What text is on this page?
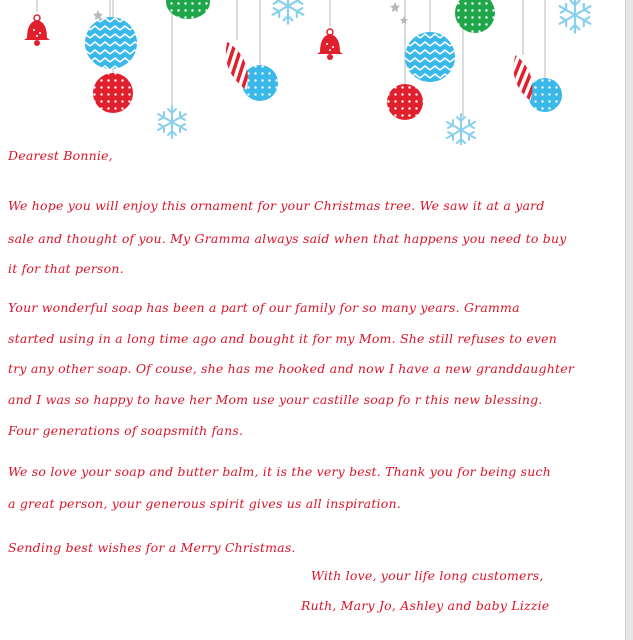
Dearest Bonnie,
We hope you will enjoy this ornament for your Christmas tree. We saw it at a yard
sale and thought of you. My Gramma always said when that happens you need to buy
it for that person.
Your wonderful soap has been a part of our family for so many years. Gramma
started using in a long time ago and bought it for my Mom. She still refuses to even
try any other soap. Of couse, she has me hooked and now I have a new granddaughter
and I was so happy to have her Mom use your castille soap fo r this new blessing.
Four generations of soapsmith fans.
We so love your soap and butter balm, it is the very best. Thank you for being such
a great person, your generous spirit gives us all inspiration.
Sending best wishes for a Merry Christmas.
With love, your life long customers,
Ruth, Mary Jo, Ashley and baby Lizzie
